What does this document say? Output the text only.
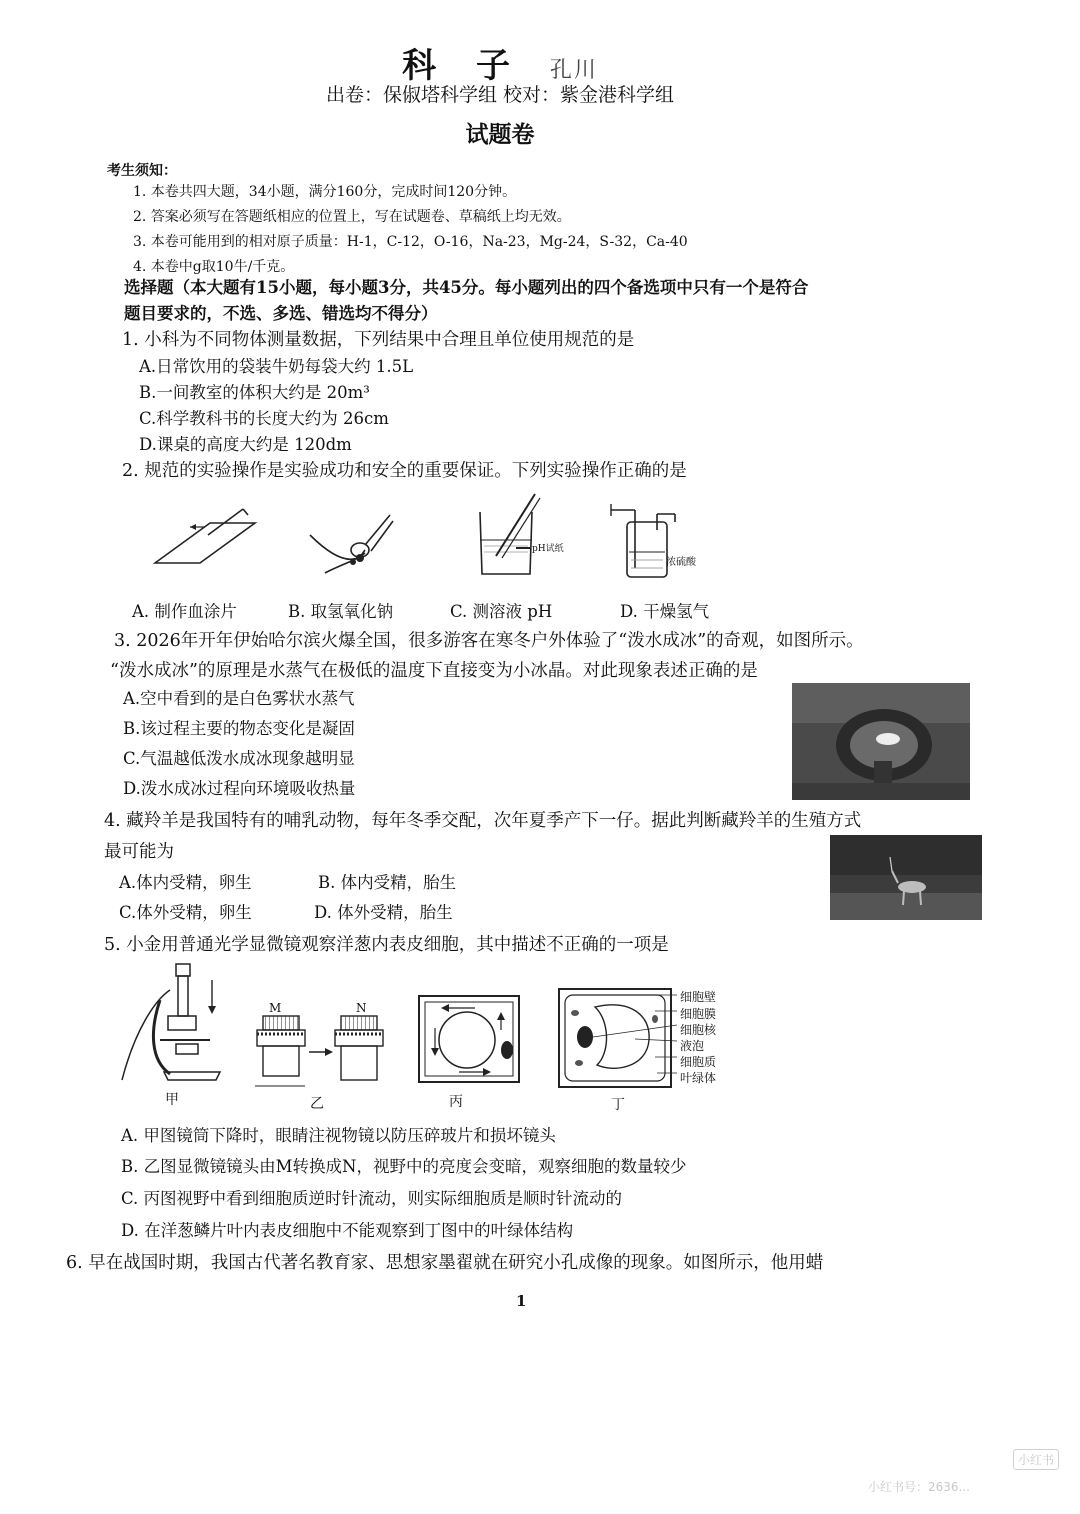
科 子 孔川
出卷：保俶塔科学组 校对：紫金港科学组
试题卷
考生须知：
1. 本卷共四大题，34小题，满分160分，完成时间120分钟。
2. 答案必须写在答题纸相应的位置上，写在试题卷、草稿纸上均无效。
3. 本卷可能用到的相对原子质量：H-1，C-12，O-16，Na-23，Mg-24，S-32，Ca-40
4. 本卷中g取10牛/千克。
选择题（本大题有15小题，每小题3分，共45分。每小题列出的四个备选项中只有一个是符合
题目要求的，不选、多选、错选均不得分）
1. 小科为不同物体测量数据，下列结果中合理且单位使用规范的是
A.日常饮用的袋装牛奶每袋大约 1.5L
B.一间教室的体积大约是 20m³
C.科学教科书的长度大约为 26cm
D.课桌的高度大约是 120dm
2. 规范的实验操作是实验成功和安全的重要保证。下列实验操作正确的是
pH试纸
浓硫酸
A. 制作血涂片	B. 取氢氧化钠	C. 测溶液 pH	D. 干燥氢气
3. 2026年开年伊始哈尔滨火爆全国，很多游客在寒冬户外体验了“泼水成冰”的奇观，如图所示。
“泼水成冰”的原理是水蒸气在极低的温度下直接变为小冰晶。对此现象表述正确的是
A.空中看到的是白色雾状水蒸气
B.该过程主要的物态变化是凝固
C.气温越低泼水成冰现象越明显
D.泼水成冰过程向环境吸收热量
4. 藏羚羊是我国特有的哺乳动物，每年冬季交配，次年夏季产下一仔。据此判断藏羚羊的生殖方式
最可能为
A.体内受精，卵生	B. 体内受精，胎生
C.体外受精，卵生	D. 体外受精，胎生
5. 小金用普通光学显微镜观察洋葱内表皮细胞，其中描述不正确的一项是
甲
M	N
乙	丙
细胞壁
细胞膜
细胞核
液泡
细胞质
叶绿体
丁
A. 甲图镜筒下降时，眼睛注视物镜以防压碎玻片和损坏镜头
B. 乙图显微镜镜头由M转换成N，视野中的亮度会变暗，观察细胞的数量较少
C. 丙图视野中看到细胞质逆时针流动，则实际细胞质是顺时针流动的
D. 在洋葱鳞片叶内表皮细胞中不能观察到丁图中的叶绿体结构
6. 早在战国时期，我国古代著名教育家、思想家墨翟就在研究小孔成像的现象。如图所示，他用蜡
1
小红书
小红书号：2636...
